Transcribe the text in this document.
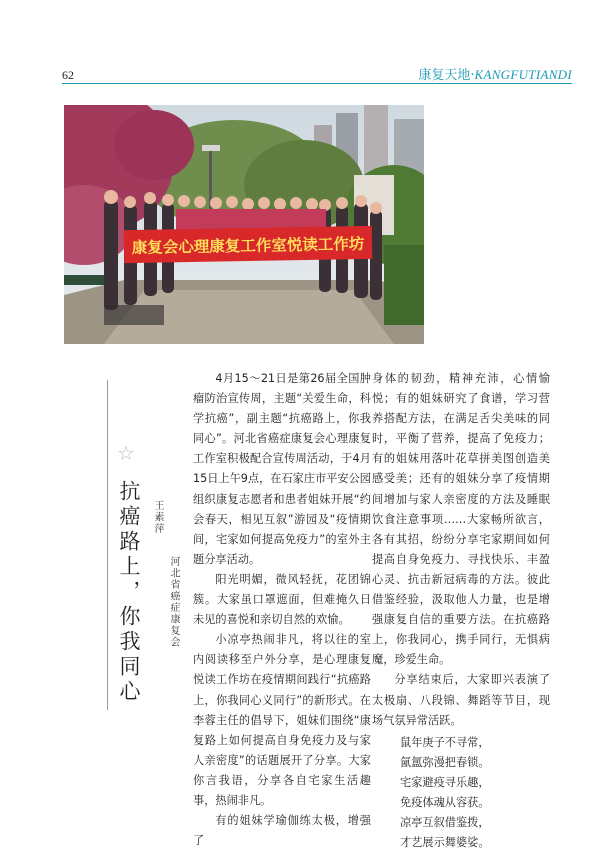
62	康复天地·KANGFUTIANDI
康复会心理康复工作室悦读工作坊
☆
抗癌路上，你我同心	王素萍
河北省癌症康复会

4月15～21日是第26届全国肿瘤防治宣传周，主题“关爱生命，科学抗癌”，副主题“抗癌路上，你我同心”。河北省癌症康复会心理康复工作室积极配合宣传周活动，于4月15日上午9点，在石家庄市平安公园组织康复志愿者和患者姐妹开展“约会春天，相见互叙”游园及“疫情期间，宅家如何提高免疫力”的室外主题分享活动。

阳光明媚，微风轻抚，花团锦簇。大家虽口罩遮面，但难掩久日未见的喜悦和亲切自然的欢愉。

小凉亭热闹非凡，将以往的室内阅读移至户外分享，是心理康复悦读工作坊在疫情期间践行“抗癌路上，你我同心义同行”的新形式。在李蓉主任的倡导下，姐妹们围绕“康复路上如何提高自身免疫力及与家人亲密度”的话题展开了分享。大家你言我语，分享各自宅家生活趣事，热闹非凡。

有的姐妹学瑜伽练太极，增强了

身体的韧劲，精神充沛，心情愉悦；有的姐妹研究了食谱，学习营养搭配方法，在满足舌尖美味的同时，平衡了营养，提高了免疫力；有的姐妹用落叶花草拼美图创造美感受美；还有的姐妹分享了疫情期间增加与家人亲密度的方法及睡眠饮食注意事项……大家畅所欲言，各有其招，纷纷分享宅家期间如何提高自身免疫力、寻找快乐、丰盈心灵、抗击新冠病毒的方法。彼此借鉴经验，汲取他人力量，也是增强康复自信的重要方法。在抗癌路上，你我同心，携手同行，无惧病魔，珍爱生命。

分享结束后，大家即兴表演了太极扇、八段锦、舞蹈等节目，现场气氛异常活跃。

鼠年庚子不寻常，
氤氲弥漫把春锁。
宅家避疫寻乐趣，
免疫体魂从容获。
凉亭互叙借鉴拨，
才艺展示舞婆娑。
